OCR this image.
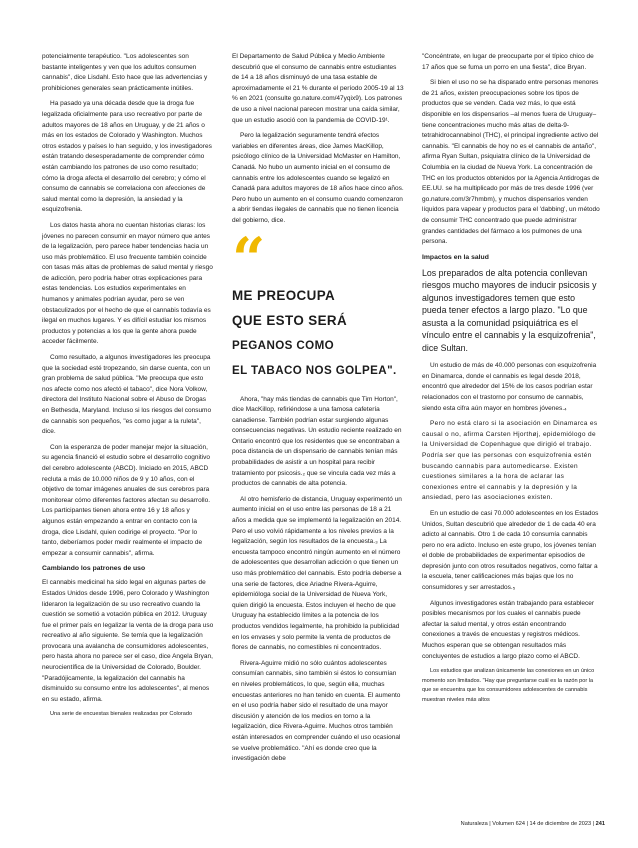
potencialmente terapéutico. "Los adolescentes son bastante inteligentes y ven que los adultos consumen cannabis", dice Lisdahl. Esto hace que las advertencias y prohibiciones generales sean prácticamente inútiles.

Ha pasado ya una década desde que la droga fue legalizada oficialmente para uso recreativo por parte de adultos mayores de 18 años en Uruguay, y de 21 años o más en los estados de Colorado y Washington. Muchos otros estados y países lo han seguido, y los investigadores están tratando desesperadamente de comprender cómo están cambiando los patrones de uso como resultado; cómo la droga afecta el desarrollo del cerebro; y cómo el consumo de cannabis se correlaciona con afecciones de salud mental como la depresión, la ansiedad y la esquizofrenia.

Los datos hasta ahora no cuentan historias claras: los jóvenes no parecen consumir en mayor número que antes de la legalización, pero parece haber tendencias hacia un uso más problemático. El uso frecuente también coincide con tasas más altas de problemas de salud mental y riesgo de adicción, pero podría haber otras explicaciones para estas tendencias. Los estudios experimentales en humanos y animales podrían ayudar, pero se ven obstaculizados por el hecho de que el cannabis todavía es ilegal en muchos lugares. Y es difícil estudiar los mismos productos y potencias a los que la gente ahora puede acceder fácilmente.

Como resultado, a algunos investigadores les preocupa que la sociedad esté tropezando, sin darse cuenta, con un gran problema de salud pública. "Me preocupa que esto nos afecte como nos afectó el tabaco", dice Nora Volkow, directora del Instituto Nacional sobre el Abuso de Drogas en Bethesda, Maryland. Incluso si los riesgos del consumo de cannabis son pequeños, "es como jugar a la ruleta", dice.

Con la esperanza de poder manejar mejor la situación, su agencia financió el estudio sobre el desarrollo cognitivo del cerebro adolescente (ABCD). Iniciado en 2015, ABCD recluta a más de 10.000 niños de 9 y 10 años, con el objetivo de tomar imágenes anuales de sus cerebros para monitorear cómo diferentes factores afectan su desarrollo. Los participantes tienen ahora entre 16 y 18 años y algunos están empezando a entrar en contacto con la droga, dice Lisdahl, quien codirige el proyecto. "Por lo tanto, deberíamos poder medir realmente el impacto de empezar a consumir cannabis", afirma.

Cambiando los patrones de uso

El cannabis medicinal ha sido legal en algunas partes de Estados Unidos desde 1996, pero Colorado y Washington lideraron la legalización de su uso recreativo cuando la cuestión se sometió a votación pública en 2012. Uruguay fue el primer país en legalizar la venta de la droga para uso recreativo al año siguiente. Se temía que la legalización provocara una avalancha de consumidores adolescentes, pero hasta ahora no parece ser el caso, dice Angela Bryan, neurocientífica de la Universidad de Colorado, Boulder. "Paradójicamente, la legalización del cannabis ha disminuido su consumo entre los adolescentes", al menos en su estado, afirma.

Una serie de encuestas bienales realizadas por Colorado

El Departamento de Salud Pública y Medio Ambiente descubrió que el consumo de cannabis entre estudiantes de 14 a 18 años disminuyó de una tasa estable de aproximadamente el 21 % durante el período 2005-19 al 13 % en 2021 (consulte go.nature.com/47yqix9). Los patrones de uso a nivel nacional parecen mostrar una caída similar, que un estudio asoció con la pandemia de COVID-19¹.

Pero la legalización seguramente tendrá efectos variables en diferentes áreas, dice James MacKillop, psicólogo clínico de la Universidad McMaster en Hamilton, Canadá. No hubo un aumento inicial en el consumo de cannabis entre los adolescentes cuando se legalizó en Canadá para adultos mayores de 18 años hace cinco años. Pero hubo un aumento en el consumo cuando comenzaron a abrir tiendas ilegales de cannabis que no tienen licencia del gobierno, dice.

“
ME PREOCUPA
QUE ESTO SERÁ
PEGANOS COMO
EL TABACO NOS GOLPEA".

Ahora, "hay más tiendas de cannabis que Tim Horton", dice MacKillop, refiriéndose a una famosa cafetería canadiense. También podrían estar surgiendo algunas consecuencias negativas. Un estudio reciente realizado en Ontario encontró que los residentes que se encontraban a poca distancia de un dispensario de cannabis tenían más probabilidades de asistir a un hospital para recibir tratamiento por psicosis.₂ que se vincula cada vez más a productos de cannabis de alta potencia.

Al otro hemisferio de distancia, Uruguay experimentó un aumento inicial en el uso entre las personas de 18 a 21 años a medida que se implementó la legalización en 2014. Pero el uso volvió rápidamente a los niveles previos a la legalización, según los resultados de la encuesta.₃ La encuesta tampoco encontró ningún aumento en el número de adolescentes que desarrollan adicción o que tienen un uso más problemático del cannabis. Esto podría deberse a una serie de factores, dice Ariadne Rivera-Aguirre, epidemióloga social de la Universidad de Nueva York, quien dirigió la encuesta. Estos incluyen el hecho de que Uruguay ha establecido límites a la potencia de los productos vendidos legalmente, ha prohibido la publicidad en los envases y solo permite la venta de productos de flores de cannabis, no comestibles ni concentrados.

Rivera-Aguirre midió no sólo cuántos adolescentes consumían cannabis, sino también si éstos lo consumían en niveles problemáticos, lo que, según ella, muchas encuestas anteriores no han tenido en cuenta. El aumento en el uso podría haber sido el resultado de una mayor discusión y atención de los medios en torno a la legalización, dice Rivera-Aguirre. Muchos otros también están interesados en comprender cuándo el uso ocasional se vuelve problemático. "Ahí es donde creo que la investigación debe

"Concéntrate, en lugar de preocuparte por el típico chico de 17 años que se fuma un porro en una fiesta", dice Bryan.

Si bien el uso no se ha disparado entre personas menores de 21 años, existen preocupaciones sobre los tipos de productos que se venden. Cada vez más, lo que está disponible en los dispensarios –al menos fuera de Uruguay– tiene concentraciones mucho más altas de delta-9-tetrahidrocannabinol (THC), el principal ingrediente activo del cannabis. "El cannabis de hoy no es el cannabis de antaño", afirma Ryan Sultan, psiquiatra clínico de la Universidad de Columbia en la ciudad de Nueva York. La concentración de THC en los productos obtenidos por la Agencia Antidrogas de EE.UU. se ha multiplicado por más de tres desde 1996 (ver go.nature.com/3r7hmbm), y muchos dispensarios venden líquidos para vapear y productos para el 'dabbing', un método de consumir THC concentrado que puede administrar grandes cantidades del fármaco a los pulmones de una persona.

Impactos en la salud

Los preparados de alta potencia conllevan riesgos mucho mayores de inducir psicosis y algunos investigadores temen que esto pueda tener efectos a largo plazo. "Lo que asusta a la comunidad psiquiátrica es el vínculo entre el cannabis y la esquizofrenia", dice Sultan.

Un estudio de más de 40.000 personas con esquizofrenia en Dinamarca, donde el cannabis es legal desde 2018, encontró que alrededor del 15% de los casos podrían estar relacionados con el trastorno por consumo de cannabis, siendo esta cifra aún mayor en hombres jóvenes.₄

Pero no está claro si la asociación en Dinamarca es causal o no, afirma Carsten Hjorthøj, epidemiólogo de la Universidad de Copenhague que dirigió el trabajo. Podría ser que las personas con esquizofrenia estén buscando cannabis para automedicarse. Existen cuestiones similares a la hora de aclarar las conexiones entre el cannabis y la depresión y la ansiedad, pero las asociaciones existen.

En un estudio de casi 70.000 adolescentes en los Estados Unidos, Sultan descubrió que alrededor de 1 de cada 40 era adicto al cannabis. Otro 1 de cada 10 consumía cannabis pero no era adicto. Incluso en este grupo, los jóvenes tenían el doble de probabilidades de experimentar episodios de depresión junto con otros resultados negativos, como faltar a la escuela, tener calificaciones más bajas que los no consumidores y ser arrestados.₅

Algunos investigadores están trabajando para establecer posibles mecanismos por los cuales el cannabis puede afectar la salud mental, y otros están encontrando conexiones a través de encuestas y registros médicos. Muchos esperan que se obtengan resultados más concluyentes de estudios a largo plazo como el ABCD.

Los estudios que analizan únicamente las conexiones en un único momento son limitados. "Hay que preguntarse cuál es la razón por la que se encuentra que los consumidores adolescentes de cannabis muestran niveles más altos

Naturaleza | Volumen 624 | 14 de diciembre de 2023 | 241
